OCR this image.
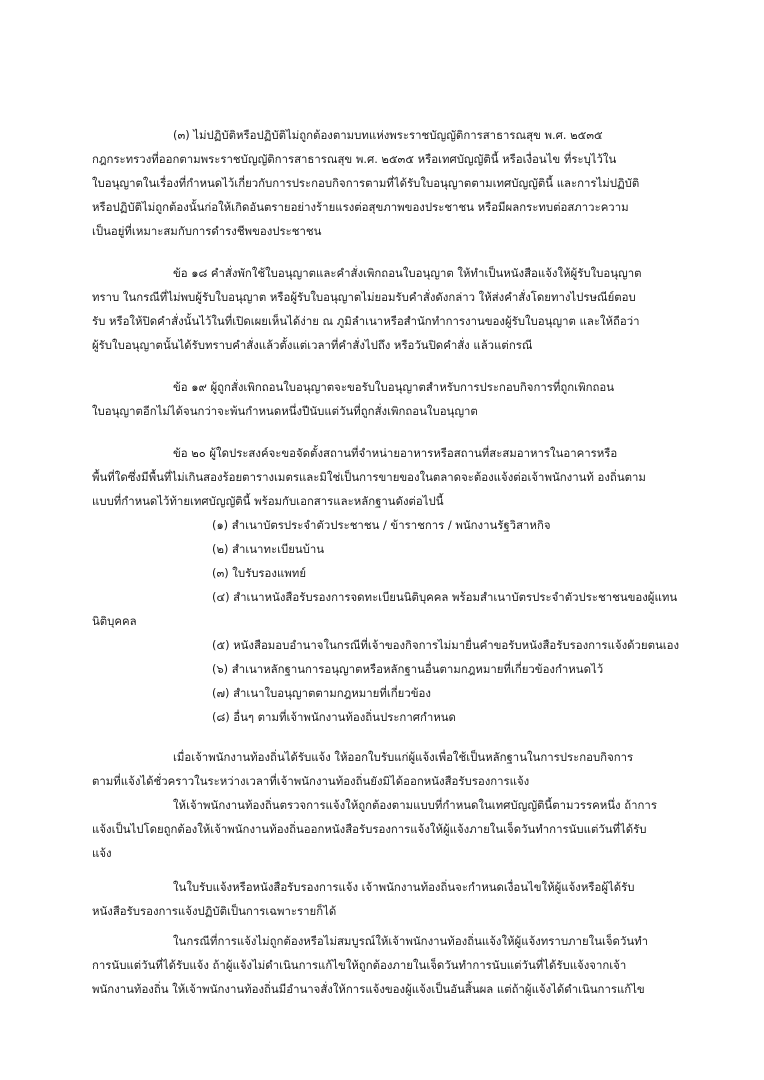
(๓) ไม่ปฏิบัติหรือปฏิบัติไม่ถูกต้องตามบทแห่งพระราชบัญญัติการสาธารณสุข พ.ศ. ๒๕๓๕
กฎกระทรวงที่ออกตามพระราชบัญญัติการสาธารณสุข พ.ศ. ๒๕๓๕ หรือเทศบัญญัตินี้ หรือเงื่อนไข ที่ระบุไว้ใน
ใบอนุญาตในเรื่องที่กำหนดไว้เกี่ยวกับการประกอบกิจการตามที่ได้รับใบอนุญาตตามเทศบัญญัตินี้ และการไม่ปฏิบัติ
หรือปฏิบัติไม่ถูกต้องนั้นก่อให้เกิดอันตรายอย่างร้ายแรงต่อสุขภาพของประชาชน หรือมีผลกระทบต่อสภาวะความ
เป็นอยู่ที่เหมาะสมกับการดำรงชีพของประชาชน
ข้อ ๑๘ คำสั่งพักใช้ใบอนุญาตและคำสั่งเพิกถอนใบอนุญาต ให้ทำเป็นหนังสือแจ้งให้ผู้รับใบอนุญาต
ทราบ ในกรณีที่ไม่พบผู้รับใบอนุญาต หรือผู้รับใบอนุญาตไม่ยอมรับคำสั่งดังกล่าว ให้ส่งคำสั่งโดยทางไปรษณีย์ตอบ
รับ หรือให้ปิดคำสั่งนั้นไว้ในที่เปิดเผยเห็นได้ง่าย ณ ภูมิลำเนาหรือสำนักทำการงานของผู้รับใบอนุญาต และให้ถือว่า
ผู้รับใบอนุญาตนั้นได้รับทราบคำสั่งแล้วตั้งแต่เวลาที่คำสั่งไปถึง หรือวันปิดคำสั่ง แล้วแต่กรณี
ข้อ ๑๙ ผู้ถูกสั่งเพิกถอนใบอนุญาตจะขอรับใบอนุญาตสำหรับการประกอบกิจการที่ถูกเพิกถอน
ใบอนุญาตอีกไม่ได้จนกว่าจะพ้นกำหนดหนึ่งปีนับแต่วันที่ถูกสั่งเพิกถอนใบอนุญาต
ข้อ ๒๐ ผู้ใดประสงค์จะขอจัดตั้งสถานที่จำหน่ายอาหารหรือสถานที่สะสมอาหารในอาคารหรือ
พื้นที่ใดซึ่งมีพื้นที่ไม่เกินสองร้อยตารางเมตรและมิใช่เป็นการขายของในตลาดจะต้องแจ้งต่อเจ้าพนักงานท้ องถิ่นตาม
แบบที่กำหนดไว้ท้ายเทศบัญญัตินี้ พร้อมกับเอกสารและหลักฐานดังต่อไปนี้
(๑) สำเนาบัตรประจำตัวประชาชน / ข้าราชการ / พนักงานรัฐวิสาหกิจ
(๒) สำเนาทะเบียนบ้าน
(๓) ใบรับรองแพทย์
(๔) สำเนาหนังสือรับรองการจดทะเบียนนิติบุคคล พร้อมสำเนาบัตรประจำตัวประชาชนของผู้แทน
นิติบุคคล
(๕) หนังสือมอบอำนาจในกรณีที่เจ้าของกิจการไม่มายื่นคำขอรับหนังสือรับรองการแจ้งด้วยตนเอง
(๖) สำเนาหลักฐานการอนุญาตหรือหลักฐานอื่นตามกฎหมายที่เกี่ยวข้องกำหนดไว้
(๗) สำเนาใบอนุญาตตามกฎหมายที่เกี่ยวข้อง
(๘) อื่นๆ ตามที่เจ้าพนักงานท้องถิ่นประกาศกำหนด
เมื่อเจ้าพนักงานท้องถิ่นได้รับแจ้ง ให้ออกใบรับแก่ผู้แจ้งเพื่อใช้เป็นหลักฐานในการประกอบกิจการ
ตามที่แจ้งได้ชั่วคราวในระหว่างเวลาที่เจ้าพนักงานท้องถิ่นยังมิได้ออกหนังสือรับรองการแจ้ง
ให้เจ้าพนักงานท้องถิ่นตรวจการแจ้งให้ถูกต้องตามแบบที่กำหนดในเทศบัญญัตินี้ตามวรรคหนึ่ง ถ้าการ
แจ้งเป็นไปโดยถูกต้องให้เจ้าพนักงานท้องถิ่นออกหนังสือรับรองการแจ้งให้ผู้แจ้งภายในเจ็ดวันทำการนับแต่วันที่ได้รับ
แจ้ง
ในใบรับแจ้งหรือหนังสือรับรองการแจ้ง เจ้าพนักงานท้องถิ่นจะกำหนดเงื่อนไขให้ผู้แจ้งหรือผู้ได้รับ
หนังสือรับรองการแจ้งปฏิบัติเป็นการเฉพาะรายก็ได้
ในกรณีที่การแจ้งไม่ถูกต้องหรือไม่สมบูรณ์ให้เจ้าพนักงานท้องถิ่นแจ้งให้ผู้แจ้งทราบภายในเจ็ดวันทำ
การนับแต่วันที่ได้รับแจ้ง ถ้าผู้แจ้งไม่ดำเนินการแก้ไขให้ถูกต้องภายในเจ็ดวันทำการนับแต่วันที่ได้รับแจ้งจากเจ้า
พนักงานท้องถิ่น ให้เจ้าพนักงานท้องถิ่นมีอำนาจสั่งให้การแจ้งของผู้แจ้งเป็นอันสิ้นผล แต่ถ้าผู้แจ้งได้ดำเนินการแก้ไข
